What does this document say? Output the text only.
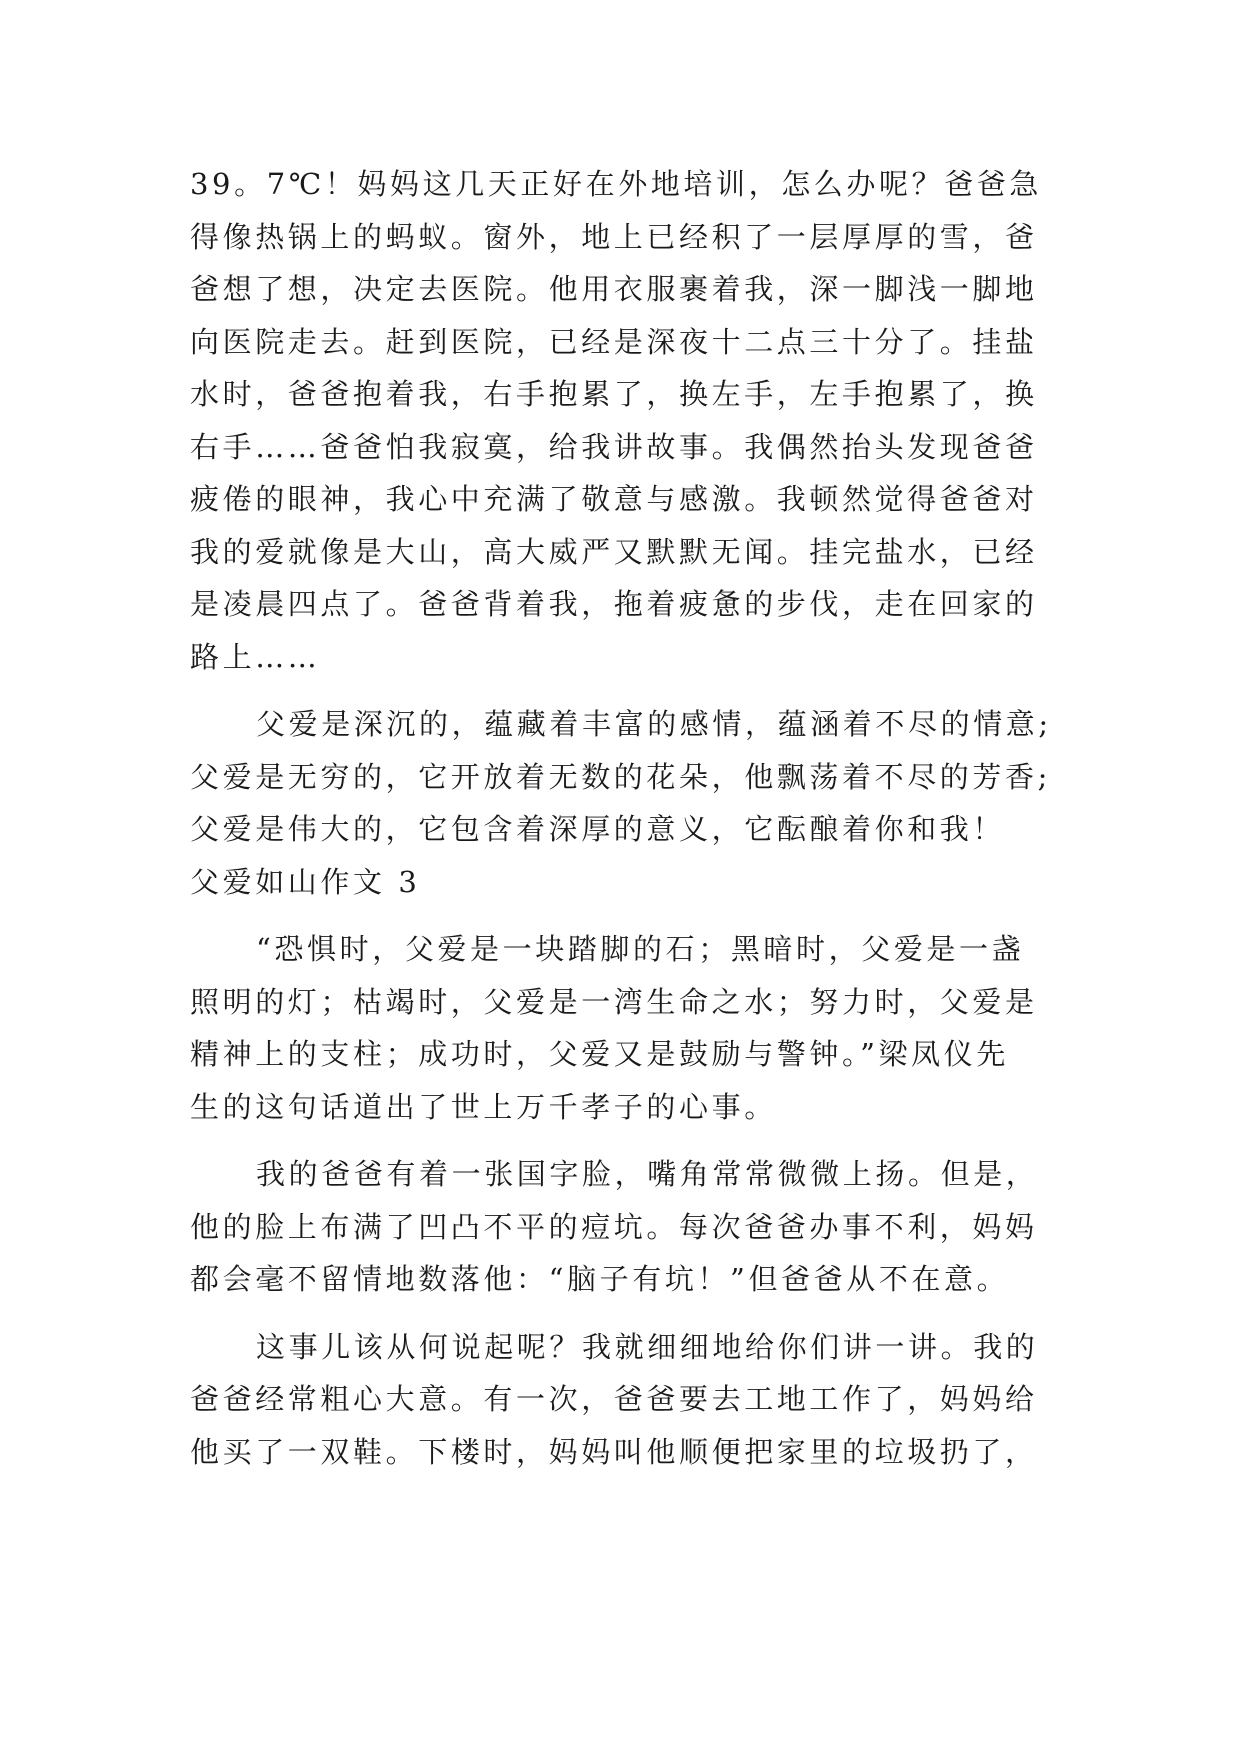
39。7℃！妈妈这几天正好在外地培训，怎么办呢？爸爸急
得像热锅上的蚂蚁。窗外，地上已经积了一层厚厚的雪，爸
爸想了想，决定去医院。他用衣服裹着我，深一脚浅一脚地
向医院走去。赶到医院，已经是深夜十二点三十分了。挂盐
水时，爸爸抱着我，右手抱累了，换左手，左手抱累了，换
右手……爸爸怕我寂寞，给我讲故事。我偶然抬头发现爸爸
疲倦的眼神，我心中充满了敬意与感激。我顿然觉得爸爸对
我的爱就像是大山，高大威严又默默无闻。挂完盐水，已经
是凌晨四点了。爸爸背着我，拖着疲惫的步伐，走在回家的
路上……
父爱是深沉的，蕴藏着丰富的感情，蕴涵着不尽的情意;
父爱是无穷的，它开放着无数的花朵，他飘荡着不尽的芳香;
父爱是伟大的，它包含着深厚的意义，它酝酿着你和我！
父爱如山作文 3
“恐惧时，父爱是一块踏脚的石；黑暗时，父爱是一盏
照明的灯；枯竭时，父爱是一湾生命之水；努力时，父爱是
精神上的支柱；成功时，父爱又是鼓励与警钟。”梁凤仪先
生的这句话道出了世上万千孝子的心事。
我的爸爸有着一张国字脸，嘴角常常微微上扬。但是，
他的脸上布满了凹凸不平的痘坑。每次爸爸办事不利，妈妈
都会毫不留情地数落他：“脑子有坑！”但爸爸从不在意。
这事儿该从何说起呢？我就细细地给你们讲一讲。我的
爸爸经常粗心大意。有一次，爸爸要去工地工作了，妈妈给
他买了一双鞋。下楼时，妈妈叫他顺便把家里的垃圾扔了，
